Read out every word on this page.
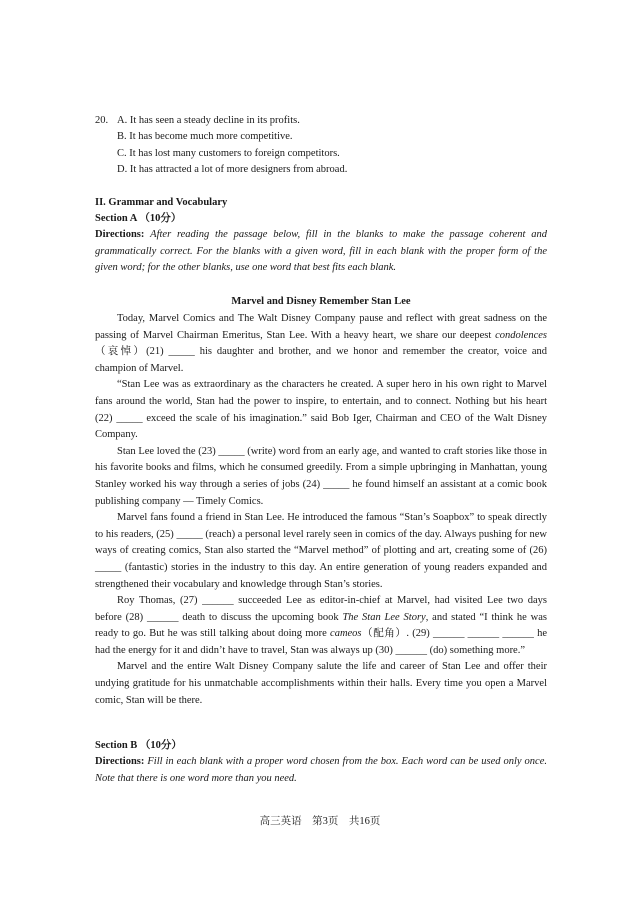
20. A. It has seen a steady decline in its profits.
B. It has become much more competitive.
C. It has lost many customers to foreign competitors.
D. It has attracted a lot of more designers from abroad.
II. Grammar and Vocabulary
Section A （10分）
Directions: After reading the passage below, fill in the blanks to make the passage coherent and grammatically correct. For the blanks with a given word, fill in each blank with the proper form of the given word; for the other blanks, use one word that best fits each blank.
Marvel and Disney Remember Stan Lee

Today, Marvel Comics and The Walt Disney Company pause and reflect with great sadness on the passing of Marvel Chairman Emeritus, Stan Lee. With a heavy heart, we share our deepest condolences（哀悼）(21) _____ his daughter and brother, and we honor and remember the creator, voice and champion of Marvel.

“Stan Lee was as extraordinary as the characters he created. A super hero in his own right to Marvel fans around the world, Stan had the power to inspire, to entertain, and to connect. Nothing but his heart (22) _____ exceed the scale of his imagination.” said Bob Iger, Chairman and CEO of the Walt Disney Company.

Stan Lee loved the (23) _____ (write) word from an early age, and wanted to craft stories like those in his favorite books and films, which he consumed greedily. From a simple upbringing in Manhattan, young Stanley worked his way through a series of jobs (24) _____ he found himself an assistant at a comic book publishing company — Timely Comics.

Marvel fans found a friend in Stan Lee. He introduced the famous “Stan’s Soapbox” to speak directly to his readers, (25) _____ (reach) a personal level rarely seen in comics of the day. Always pushing for new ways of creating comics, Stan also started the “Marvel method” of plotting and art, creating some of (26) _____ (fantastic) stories in the industry to this day. An entire generation of young readers expanded and strengthened their vocabulary and knowledge through Stan’s stories.

Roy Thomas, (27) ______ succeeded Lee as editor-in-chief at Marvel, had visited Lee two days before (28) ______ death to discuss the upcoming book The Stan Lee Story, and stated “I think he was ready to go. But he was still talking about doing more cameos（配角）. (29) ______ ______ ______ he had the energy for it and didn’t have to travel, Stan was always up (30) ______ (do) something more.”

Marvel and the entire Walt Disney Company salute the life and career of Stan Lee and offer their undying gratitude for his unmatchable accomplishments within their halls. Every time you open a Marvel comic, Stan will be there.

Section B （10分）
Directions: Fill in each blank with a proper word chosen from the box. Each word can be used only once. Note that there is one word more than you need.
高三英语　第3页　共16页
